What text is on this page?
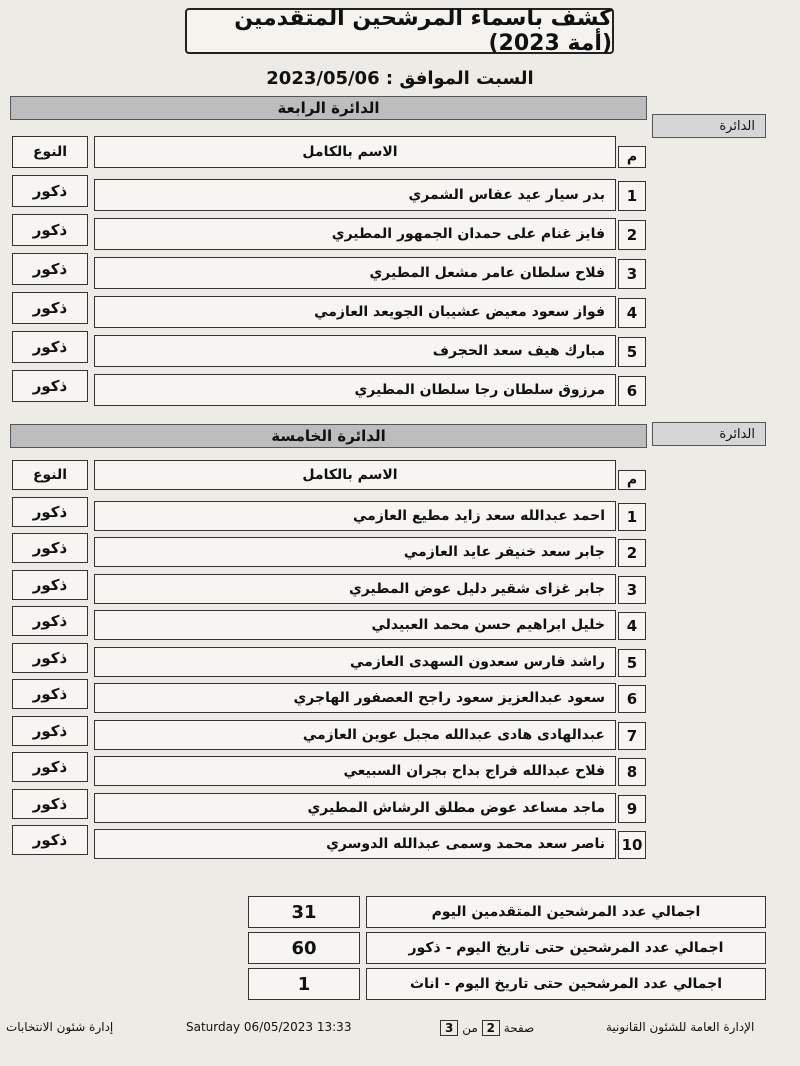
كشف باسماء المرشحين المتقدمين (أمة 2023)
السبت الموافق : 2023/05/06
الدائرة الرابعة
الدائرة
النوع	الاسم بالكامل	م
ذكور	بدر سيار عيد عفاس الشمري	1
ذكور	فايز غنام على حمدان الجمهور المطيري	2
ذكور	فلاح سلطان عامر مشعل المطيري	3
ذكور	فواز سعود معيض عشيبان الجويعد العازمي	4
ذكور	مبارك هيف سعد الحجرف	5
ذكور	مرزوق سلطان رجا سلطان المطيري	6
الدائرة الخامسة	الدائرة
النوع	الاسم بالكامل	م
ذكور	احمد عبدالله سعد زايد مطيع العازمي	1
ذكور	جابر سعد خنيفر عايد العازمي	2
ذكور	جابر غزاى شقير دليل عوض المطيري	3
ذكور	خليل ابراهيم حسن محمد العبيدلي	4
ذكور	راشد فارس سعدون السهدى العازمي	5
ذكور	سعود عبدالعزيز سعود راجح العصفور الهاجري	6
ذكور	عبدالهادى هادى عبدالله مجبل عوين العازمي	7
ذكور	فلاح عبدالله فراج بداح بجران السبيعي	8
ذكور	ماجد مساعد عوض مطلق الرشاش المطيري	9
ذكور	ناصر سعد محمد وسمى عبدالله الدوسري	10
31	اجمالي عدد المرشحين المتقدمين اليوم
60	اجمالي عدد المرشحين حتى تاريخ اليوم - ذكور
1	اجمالي عدد المرشحين حتى تاريخ اليوم - اناث
إدارة شئون الانتخابات	Saturday 06/05/2023 13:33	صفحة 2 من 3	الإدارة العامة للشئون القانونية
